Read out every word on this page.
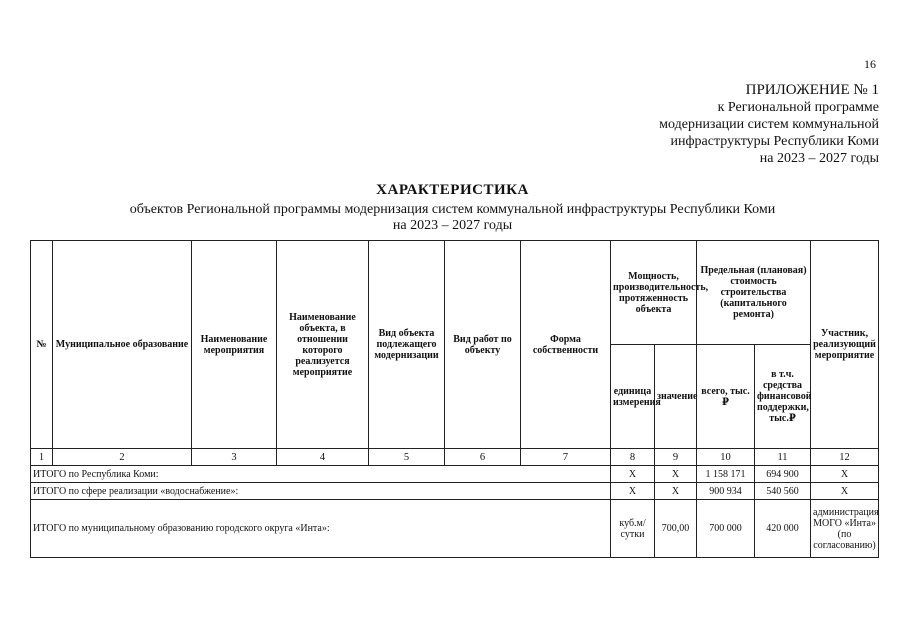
16
ПРИЛОЖЕНИЕ № 1
к Региональной программе
модернизации систем коммунальной
инфраструктуры Республики Коми
на 2023 – 2027 годы
ХАРАКТЕРИСТИКА
объектов Региональной программы модернизация систем коммунальной инфраструктуры Республики Коми
на 2023 – 2027 годы
№	Муниципальное образование	Наименование мероприятия	Наименование объекта, в отношении которого реализуется мероприятие	Вид объекта подлежащего модернизации	Вид работ по объекту	Форма собственности	Мощность, производительность, протяженность объекта		Предельная (плановая) стоимость строительства (капитального ремонта)		Участник, реализующий мероприятие
							единица измерения	значение	всего, тыс.₽	в т.ч. средства финансовой поддержки, тыс.₽	
1	2	3	4	5	6	7	8	9	10	11	12
ИТОГО по Республика Коми:							Х	Х	1 158 171	694 900	Х
ИТОГО по сфере реализации «водоснабжение»:							Х	Х	900 934	540 560	Х
ИТОГО по муниципальному образованию городского округа «Инта»:							куб.м/сутки	700,00	700 000	420 000	администрация МОГО «Инта» (по согласованию)
